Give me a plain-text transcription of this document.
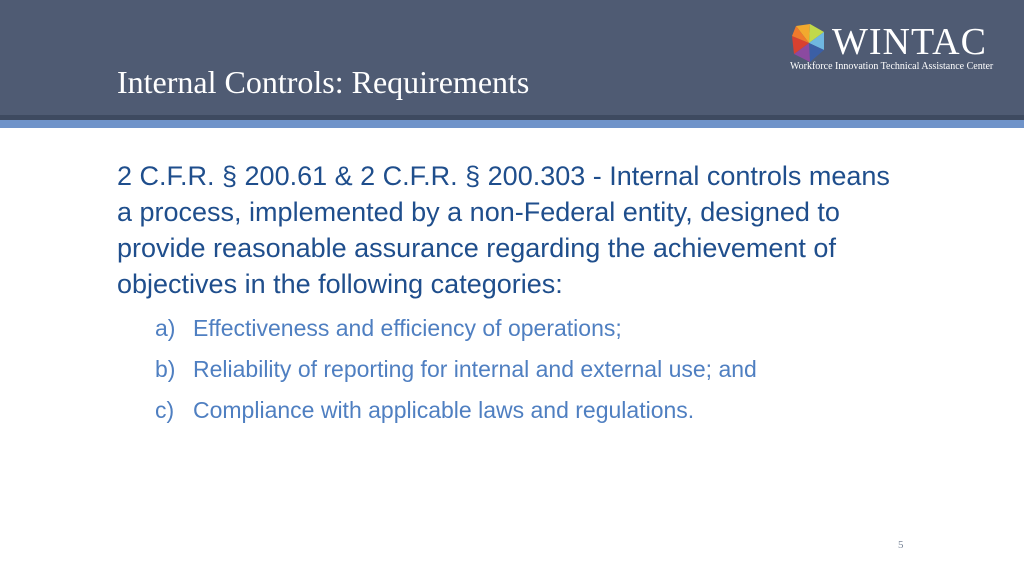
Internal Controls: Requirements
WINTAC
Workforce Innovation Technical Assistance Center
2 C.F.R. § 200.61 & 2 C.F.R. § 200.303 - Internal controls means a process, implemented by a non-Federal entity, designed to provide reasonable assurance regarding the achievement of objectives in the following categories:
a) Effectiveness and efficiency of operations;
b) Reliability of reporting for internal and external use; and
c) Compliance with applicable laws and regulations.
5
